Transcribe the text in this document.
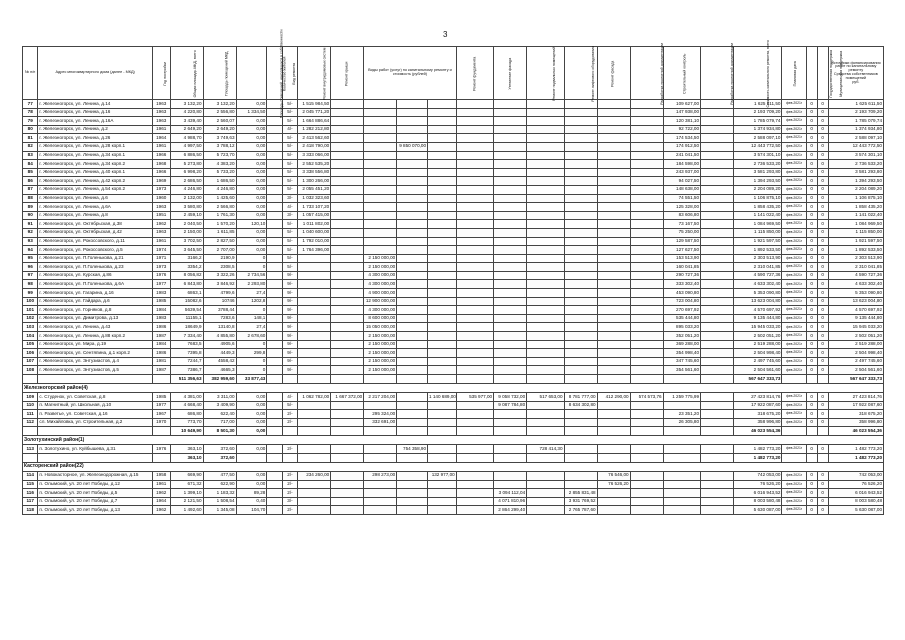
3
№ п/п	Адрес многоквартирного дома (далее - МКД)	Год постройки	Общая площадь МКД, всего	Площадь помещений МКД	Площадь помещений, находящихся в собственности	Количество жителей	Вид ремонта	Ремонт внутридомовых систем	Ремонт крыши	Виды работ (услуг) по капитальному ремонту и стоимость (рублей)			Ремонт фундамента	Утепление фасада	Ремонт подвальных помещений	Ремонт лифтового оборудования	Ремонт фасада	Разработка проектной документации	Строительный контроль	Разработка проектной документации	Стоимость капитального ремонта, всего	Плановая дата	Государственная поддержка	Муниципальная поддержка	Источники финансирования работ по капитальному ремонту
Средства собственников помещений
руб.

77	г. Железногорск, ул. Ленина, д.14	1963	3 132,20	3 132,20	0,00		5/-	1 515 984,50											109 627,00		1 625 611,50	фев.2021г	0	0	1 625 611,50
78	г. Железногорск, ул. Ленина, д.16	1963	4 220,80	2 556,80	1 334,50		5/-	2 045 771,20											147 938,00		2 193 709,20	фев.2021г	0	0	2 193 709,20
79	г. Железногорск, ул. Ленина, д.16А	1963	3 439,40	2 560,07	0,00		5/-	1 664 886,64											120 381,10		1 785 079,74	фев.2021г	0	0	1 785 079,74
80	г. Железногорск, ул. Ленина, д.2	1961	2 649,20	2 649,20	0,00		4/-	1 282 212,80											92 722,00		1 374 934,80	фев.2021г	0	0	1 374 934,80
81	г. Железногорск, ул. Ленина, д.26	1964	4 988,70	3 749,63	0,00		5/-	2 413 562,60											174 534,50		2 588 097,10	фев.2021г	0	0	2 588 097,10
82	г. Железногорск, ул. Ленина, д.28 корп.1	1961	4 997,50	3 788,12	0,00		5/-	2 418 790,00			9 850 070,00								174 912,50		12 443 772,50	фев.2021г	0	0	12 443 772,50
83	г. Железногорск, ул. Ленина, д.34 корп.1	1966	6 886,50	5 723,70	0,00		5/-	3 333 066,00											241 041,50		3 574 301,10	фев.2021г	0	0	3 574 301,10
84	г. Железногорск, ул. Ленина, д.34 корп.2	1968	5 273,80	4 383,20	0,00		5/-	2 552 535,20											184 598,00		2 736 533,20	фев.2021г	0	0	2 736 533,20
85	г. Железногорск, ул. Ленина, д.40 корп.1	1966	6 998,20	5 733,20	0,00		5/-	3 338 556,80											243 937,00		3 581 293,80	фев.2021г	0	0	3 581 293,80
86	г. Железногорск, ул. Ленина, д.42 корп.2	1969	2 686,50	1 686,50	0,00		5/-	1 300 266,00											94 027,50		1 394 293,50	фев.2021г	0	0	1 394 293,50
87	г. Железногорск, ул. Ленина, д.54 корп.2	1973	4 246,80	4 246,80	0,00		5/-	2 055 451,20											148 638,00		2 204 089,20	фев.2021г	0	0	2 204 089,20
88	г. Железногорск, ул. Ленина, д.6	1960	2 132,00	1 425,60	0,00		3/-	1 032 323,60											74 551,50		1 106 875,10	фев.2021г	0	0	1 106 875,10
89	г. Железногорск, ул. Ленина, д.6А	1963	3 580,80	2 566,80	0,00		4/-	1 733 107,20											125 328,00		1 858 435,20	фев.2021г	0	0	1 858 435,20
90	г. Железногорск, ул. Ленина, д.8	1951	2 459,10	1 761,30	0,00		3/-	1 057 415,00											83 606,80		1 141 022,40	фев.2021г	0	0	1 141 022,40
91	г. Железногорск, ул. Октябрьская, д.38	1962	2 040,50	1 570,20	120,10		5/-	1 011 802,00											73 167,50		1 084 969,50	фев.2021г	0	0	1 084 969,50
92	г. Железногорск, ул. Октябрьская, д.42	1963	2 150,00	1 611,85	0,00		5/-	1 040 600,00											75 250,00		1 115 850,00	фев.2021г	0	0	1 115 850,00
93	г. Железногорск, ул. Рокоссовского, д.11	1961	3 702,50	2 827,50	0,00		5/-	1 792 010,00											129 587,50		1 921 597,50	фев.2021г	0	0	1 921 597,50
94	г. Железногорск, ул. Рокоссовского, д.5	1974	3 645,50	2 707,00	0,00		5/-	1 764 396,00											127 627,50		1 892 533,50	фев.2021г	0	0	1 892 533,50
95	г. Железногорск, ул. П.Голенькова, д.21	1971	3166,2	2190,9	0		5/-			2 150 000,00									153 513,90		2 303 513,90	фев.2021г	0	0	2 303 513,90
96	г. Железногорск, ул. П.Голенькова, д.23	1973	3354,2	2308,5	0		5/-			2 150 000,00									160 041,85		2 310 041,85	фев.2021г	0	0	2 310 041,85
97	г. Железногорск, ул. Курская, д.86	1976	8 056,82	3 322,26	2 734,56		9/-			4 300 000,00									290 727,36		4 590 727,36	фев.2021г	0	0	4 590 727,36
98	г. Железногорск, ул. П.Голенькова, д.6А	1977	6 843,80	3 846,92	2 293,80		9/-			4 300 000,00									333 302,40		4 633 302,40	фев.2021г	0	0	4 633 302,40
99	г. Железногорск, ул. Гагарина, д.16	1983	6863,1	4799,6	27,4		9/-			4 900 000,00									453 090,80		5 353 090,80	фев.2021г	0	0	5 353 090,80
100	г. Железногорск, ул. Гайдара, д.6	1985	15082,6	10746	1202,8		9/-			12 900 000,00									723 004,80		13 623 004,80	фев.2021г	0	0	13 623 004,80
101	г. Железногорск, ул. Горняков, д.8	1984	5639,54	3788,44	0		9/-			4 300 000,00									270 697,92		4 570 697,92	фев.2021г	0	0	4 570 697,92
102	г. Железногорск, ул. Димитрова, д.13	1983	11155,1	7283,6	148,1		9/-			8 600 000,00									535 444,80		9 135 444,80	фев.2021г	0	0	9 135 444,80
103	г. Железногорск, ул. Ленина, д.43	1986	18649,9	13140,8	27,4		9/-			15 050 000,00									895 033,20		15 945 033,20	фев.2021г	0	0	15 945 033,20
104	г. Железногорск, ул. Ленина, д.88 корп.2	1987	7 334,40	4 855,80	2 678,60		9/-			2 150 000,00									352 051,20		2 502 051,20	фев.2021г	0	0	2 502 051,20
105	г. Железногорск, ул. Мира, д.19	1984	7683,5	4905,6	0		9/-			2 150 000,00									369 288,00		2 519 288,00	фев.2021г	0	0	2 519 288,00
106	г. Железногорск, ул. Сентяпина, д.1 корп.2	1986	7395,8	4449,3	299,8		9/-			2 150 000,00									354 998,40		2 504 998,40	фев.2021г	0	0	2 504 998,40
107	г. Железногорск, ул. Энтузиастов, д.4	1981	7244,7	4558,42	0		9/-			2 150 000,00									347 745,60		2 497 745,60	фев.2021г	0	0	2 497 745,60
108	г. Железногорск, ул. Энтузиастов, д.5	1987	7386,7	4665,3	0		9/-			2 150 000,00									354 561,60		2 504 561,60	фев.2021г	0	0	2 504 561,60
			511 356,63	382 959,60	33 877,43																567 647 333,73				567 647 333,73
Железногорский район(4)																									
109	с. Студенок, ул. Советская, д.8	1985	4 381,00	3 311,00	0,00		4/-	1 062 782,00	1 667 372,00	2 217 204,00		1 140 689,00	535 977,00	9 058 732,00	517 653,00	8 781 777,00	412 290,00	574 573,76	1 259 775,99		27 423 814,76	фев.2021г	0	0	27 423 814,76
110	п. Магнитный, ул. Школьная, д.10	1977	4 668,40	3 409,90	0,00		5/-							9 087 784,80		8 634 302,80					17 922 087,60	фев.2021г	0	0	17 922 087,60
111	п. Разветье, ул. Советская, д.16	1967	686,80	622,40	0,00		2/-			295 324,00									23 351,20		318 675,20	фев.2021г	0	0	318 675,20
112	сл. Михайловка, ул. Строительная, д.2	1970	773,70	717,00	0,00		2/-			332 691,00									26 305,80		358 996,80	фев.2021г	0	0	358 996,80
			10 649,90	8 501,30	0,00																46 023 554,36				46 023 554,36
Золотухинский район(1)																									
113	п. Золотухино, ул. Куйбышева, д.31	1976	363,10	372,60	0,00		2/-				754 358,90				728 414,30						1 482 773,20	фев.2021г	0	0	1 482 773,20
			363,10	372,60																	1 482 773,20				1 482 773,20
Касторенский район(22)																									
114	п. Новокасторное, ул. Железнодорожная, д.15	1958	669,90	477,50	0,00		2/-	234 260,00		298 273,00		132 977,00					76 546,00				742 053,00	фев.2021г	0	0	742 053,00
115	п. Олымский, ул. 20 лет Победы, д.12	1961	671,32	622,90	0,00		2/-										76 526,20				76 526,20	фев.2021г	0	0	76 526,20
116	п. Олымский, ул. 20 лет Победы, д.5	1962	1 399,10	1 183,32	89,28		2/-							3 094 112,04		2 855 831,48					6 016 943,52	фев.2021г	0	0	6 016 943,52
117	п. Олымский, ул. 20 лет Победы, д.7	1964	2 121,50	1 508,54	0,40		3/-							4 071 810,96		3 931 769,52					8 003 580,48	фев.2021г	0	0	8 003 580,48
118	п. Олымский, ул. 20 лет Победы, д.13	1962	1 492,60	1 345,08	104,70		2/-							2 864 299,40		2 765 787,60					5 630 087,00	фев.2021г	0	0	5 630 087,00
